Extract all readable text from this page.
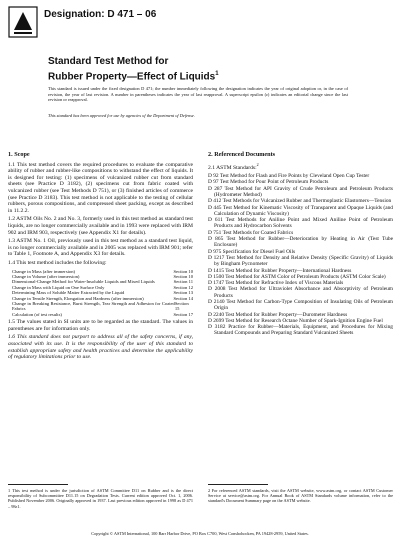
Designation: D 471 – 06
Standard Test Method for
Rubber Property—Effect of Liquids$^1$
This standard is issued under the fixed designation D 471; the number immediately following the designation indicates the year of original adoption or, in the case of revision, the year of last revision. A number in parentheses indicates the year of last reapproval. A superscript epsilon (ε) indicates an editorial change since the last revision or reapproval.
This standard has been approved for use by agencies of the Department of Defense.
1. Scope

1.1 This test method covers the required procedures to evaluate the comparative ability of rubber and rubber-like compositions to withstand the effect of liquids. It is designed for testing: (1) specimens of vulcanized rubber cut from standard sheets (see Practice D 3182), (2) specimens cut from fabric coated with vulcanized rubber (see Test Methods D 751), or (3) finished articles of commerce (see Practice D 3183). This test method is not applicable to the testing of cellular rubbers, porous compositions, and compressed sheet packing, except as described in 11.2.2.

1.2 ASTM Oils No. 2 and No. 3, formerly used in this test method as standard test liquids, are no longer commercially available and in 1993 were replaced with IRM 902 and IRM 903, respectively (see Appendix X1 for details).

1.3 ASTM No. 1 Oil, previously used in this test method as a standard test liquid, is no longer commercially available and in 2005 was replaced with IRM 901; refer to Table 1, Footnote A, and Appendix X3 for details.

1.4 This test method includes the following:

Change in Mass (after immersion)	Section 10
Change in Volume (after immersion)	Section 10
Dimensional-Change Method for Water-Insoluble Liquids and Mixed Liquids	Section 11
Change in Mass with Liquid on One Surface Only	Section 12
Determining Mass of Soluble Matter Extracted by the Liquid	Section 13
Change in Tensile Strength, Elongation and Hardness (after immersion)	Section 14
Change in Breaking Resistance, Burst Strength, Tear Strength and Adhesion for Coated Fabrics
Section 15
Calculation (of test results)	Section 17

1.5 The values stated in SI units are to be regarded as the standard. The values in parentheses are for information only.

1.6 This standard does not purport to address all of the safety concerns, if any, associated with its use. It is the responsibility of the user of this standard to establish appropriate safety and health practices and determine the applicability of regulatory limitations prior to use.

2. Referenced Documents

2.1 ASTM Standards:$^2$

D 92 Test Method for Flash and Fire Points by Cleveland Open Cup Tester

D 97 Test Method for Pour Point of Petroleum Products

D 287 Test Method for API Gravity of Crude Petroleum and Petroleum Products (Hydrometer Method)

D 412 Test Methods for Vulcanized Rubber and Thermoplastic Elastomers—Tension

D 445 Test Method for Kinematic Viscosity of Transparent and Opaque Liquids (and Calculation of Dynamic Viscosity)

D 611 Test Methods for Aniline Point and Mixed Aniline Point of Petroleum Products and Hydrocarbon Solvents

D 751 Test Methods for Coated Fabrics

D 865 Test Method for Rubber—Deterioration by Heating in Air (Test Tube Enclosure)

D 975 Specification for Diesel Fuel Oils

D 1217 Test Method for Density and Relative Density (Specific Gravity) of Liquids by Bingham Pycnometer

D 1415 Test Method for Rubber Property—International Hardness

D 1500 Test Method for ASTM Color of Petroleum Products (ASTM Color Scale)

D 1747 Test Method for Refractive Index of Viscous Materials

D 2008 Test Method for Ultraviolet Absorbance and Absorptivity of Petroleum Products

D 2140 Test Method for Carbon-Type Composition of Insulating Oils of Petroleum Origin

D 2240 Test Method for Rubber Property—Durometer Hardness

D 2699 Test Method for Research Octane Number of Spark-Ignition Engine Fuel

D 3182 Practice for Rubber—Materials, Equipment, and Procedures for Mixing Standard Compounds and Preparing Standard Vulcanized Sheets

1 This test method is under the jurisdiction of ASTM Committee D11 on Rubber and is the direct responsibility of Subcommittee D11.15 on Degradation Tests. Current edition approved Oct. 1, 2006. Published November 2006. Originally approved in 1937. Last previous edition approved in 1998 as D 471 – 98ε1.
2 For referenced ASTM standards, visit the ASTM website, www.astm.org, or contact ASTM Customer Service at service@astm.org. For Annual Book of ASTM Standards volume information, refer to the standard's Document Summary page on the ASTM website.
Copyright © ASTM International, 100 Barr Harbor Drive, PO Box C700, West Conshohocken, PA 19428-2959, United States.
